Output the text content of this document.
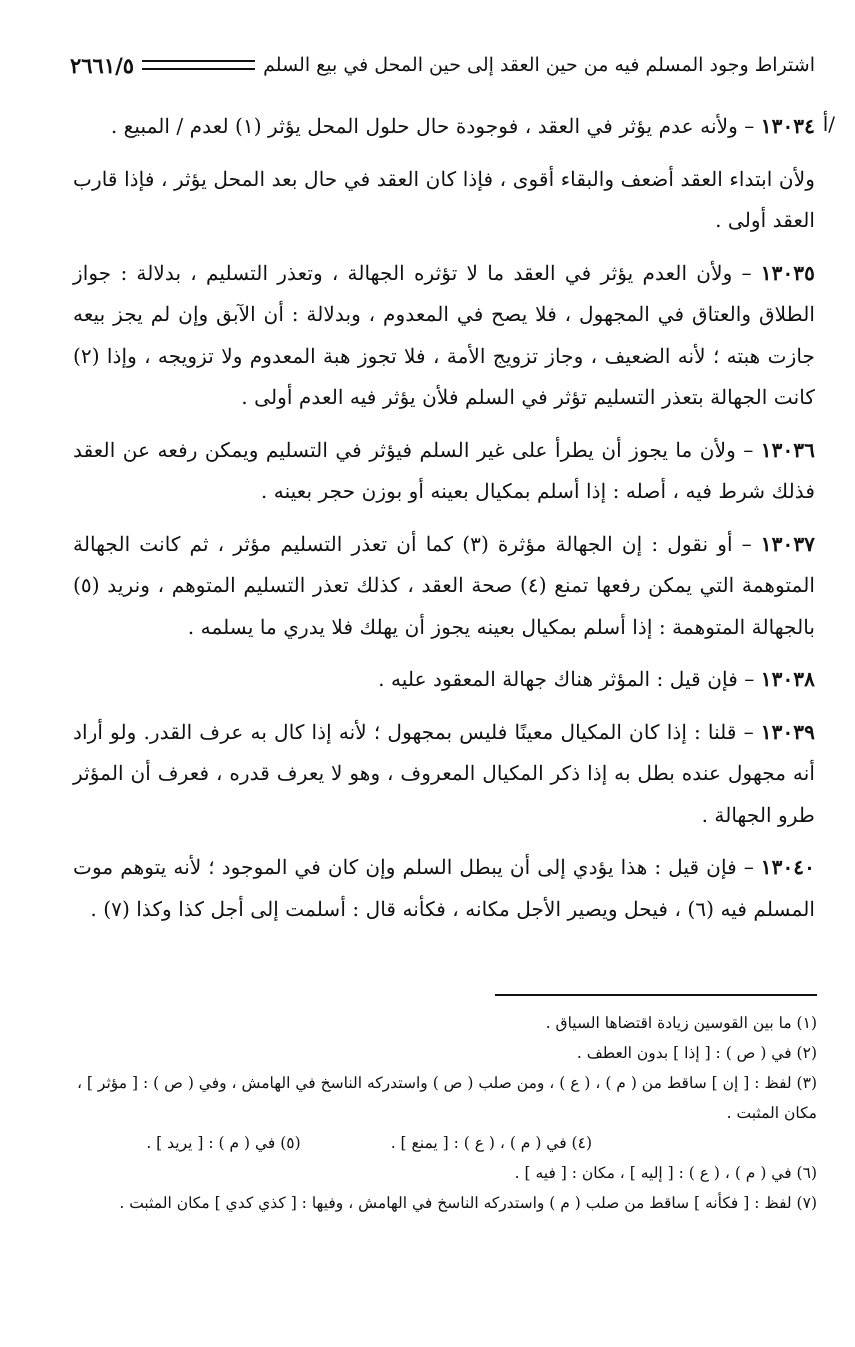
اشتراط وجود المسلم فيه من حين العقد إلى حين المحل في بيع السلم
٢٦٦١/٥
/أ

١٣٠٣٤ – ولأنه عدم يؤثر في العقد ، فوجودة حال حلول المحل يؤثر (١) لعدم / المبيع .

ولأن ابتداء العقد أضعف والبقاء أقوى ، فإذا كان العقد في حال بعد المحل يؤثر ، فإذا قارب العقد أولى .

١٣٠٣٥ – ولأن العدم يؤثر في العقد ما لا تؤثره الجهالة ، وتعذر التسليم ، بدلالة : جواز الطلاق والعتاق في المجهول ، فلا يصح في المعدوم ، وبدلالة : أن الآبق وإن لم يجز بيعه جازت هبته ؛ لأنه الضعيف ، وجاز تزويج الأمة ، فلا تجوز هبة المعدوم ولا تزويجه ، وإذا (٢) كانت الجهالة بتعذر التسليم تؤثر في السلم فلأن يؤثر فيه العدم أولى .

١٣٠٣٦ – ولأن ما يجوز أن يطرأ على غير السلم فيؤثر في التسليم ويمكن رفعه عن العقد فذلك شرط فيه ، أصله : إذا أسلم بمكيال بعينه أو بوزن حجر بعينه .

١٣٠٣٧ – أو نقول : إن الجهالة مؤثرة (٣) كما أن تعذر التسليم مؤثر ، ثم كانت الجهالة المتوهمة التي يمكن رفعها تمنع (٤) صحة العقد ، كذلك تعذر التسليم المتوهم ، ونريد (٥) بالجهالة المتوهمة : إذا أسلم بمكيال بعينه يجوز أن يهلك فلا يدري ما يسلمه .

١٣٠٣٨ – فإن قيل : المؤثر هناك جهالة المعقود عليه .

١٣٠٣٩ – قلنا : إذا كان المكيال معينًا فليس بمجهول ؛ لأنه إذا كال به عرف القدر. ولو أراد أنه مجهول عنده بطل به إذا ذكر المكيال المعروف ، وهو لا يعرف قدره ، فعرف أن المؤثر طرو الجهالة .

١٣٠٤٠ – فإن قيل : هذا يؤدي إلى أن يبطل السلم وإن كان في الموجود ؛ لأنه يتوهم موت المسلم فيه (٦) ، فيحل ويصير الأجل مكانه ، فكأنه قال : أسلمت إلى أجل كذا وكذا (٧) .

(١) ما بين القوسين زيادة اقتضاها السياق .

(٢) في ( ص ) : [ إذا ] بدون العطف .

(٣) لفظ : [ إن ] ساقط من ( م ) ، ( ع ) ، ومن صلب ( ص ) واستدركه الناسخ في الهامش ، وفي ( ص ) : [ مؤثر ] ، مكان المثبت .

(٤) في ( م ) ، ( ع ) : [ يمنع ] .
(٥) في ( م ) : [ يريد ] .

(٦) في ( م ) ، ( ع ) : [ إليه ] ، مكان : [ فيه ] .

(٧) لفظ : [ فكأنه ] ساقط من صلب ( م ) واستدركه الناسخ في الهامش ، وفيها : [ كذي كدي ] مكان المثبت .
